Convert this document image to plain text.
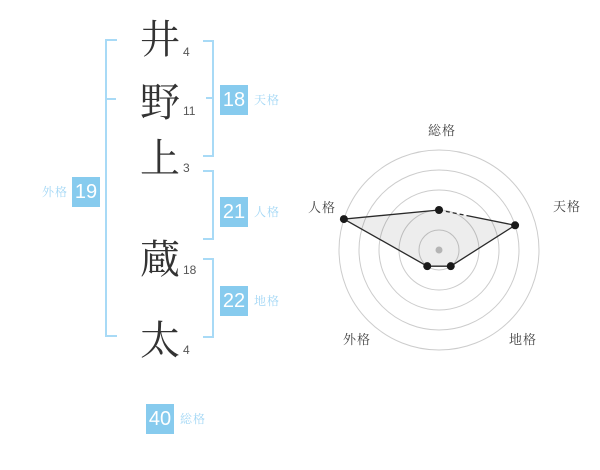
井
野
上
蔵
太
4
11
3
18
4
18 天格
21 人格
22 地格
19
外格
40 総格
総格
天格
地格
外格
人格
